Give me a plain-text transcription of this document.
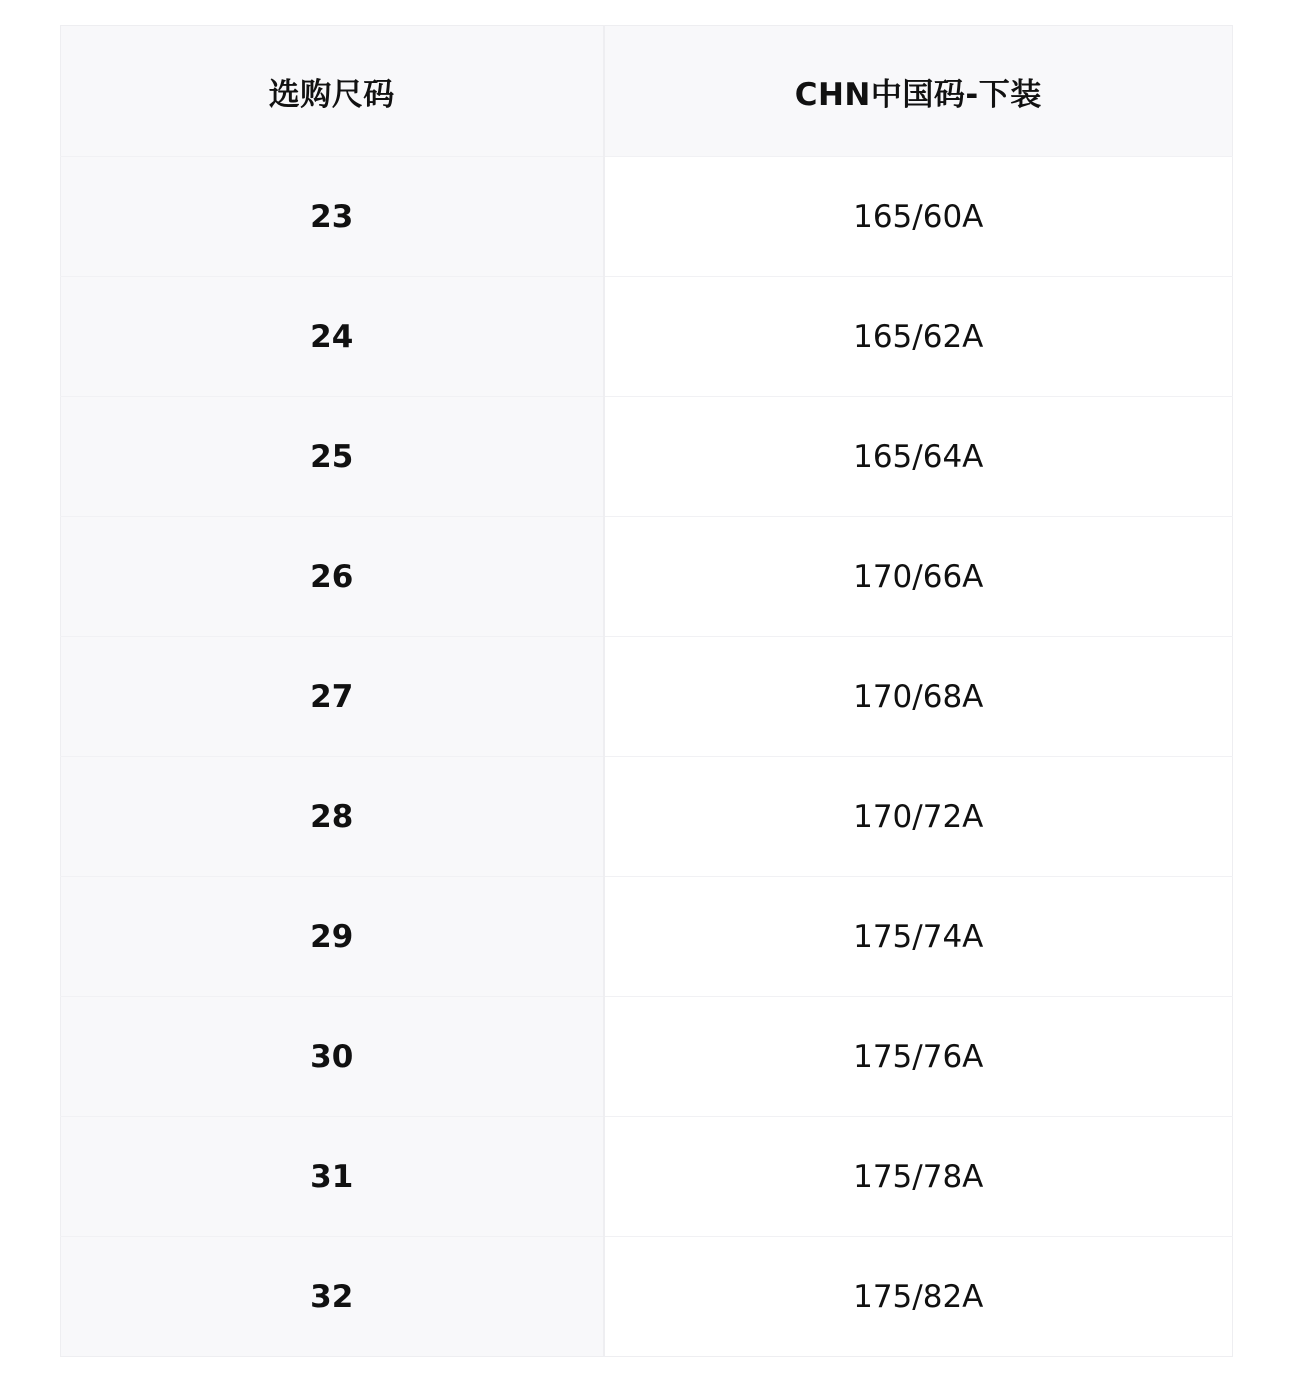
选购尺码	CHN中国码-下装
23	165/60A
24	165/62A
25	165/64A
26	170/66A
27	170/68A
28	170/72A
29	175/74A
30	175/76A
31	175/78A
32	175/82A
